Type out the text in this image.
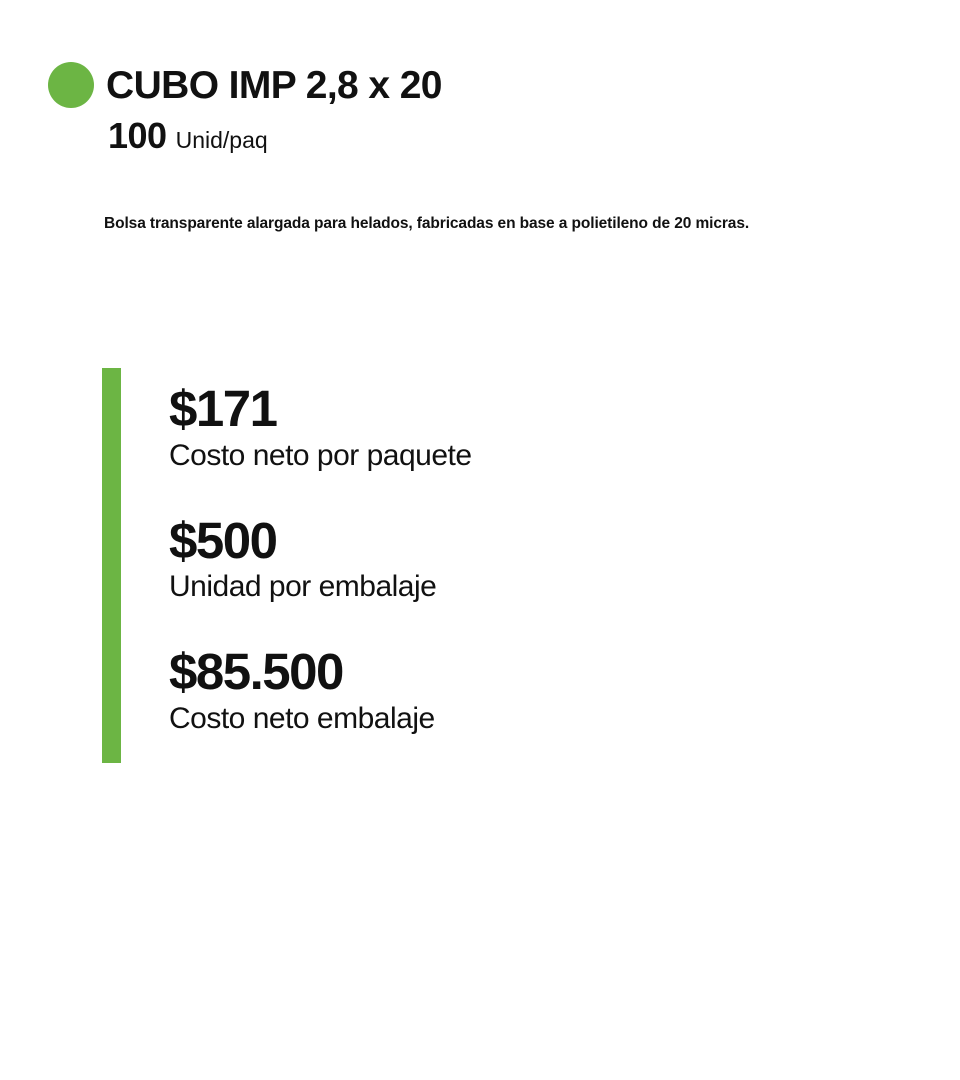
CUBO IMP 2,8 x 20
100 Unid/paq
Bolsa transparente alargada para helados, fabricadas en base a polietileno de 20 micras.
$171
Costo neto por paquete
$500
Unidad por embalaje
$85.500
Costo neto embalaje
